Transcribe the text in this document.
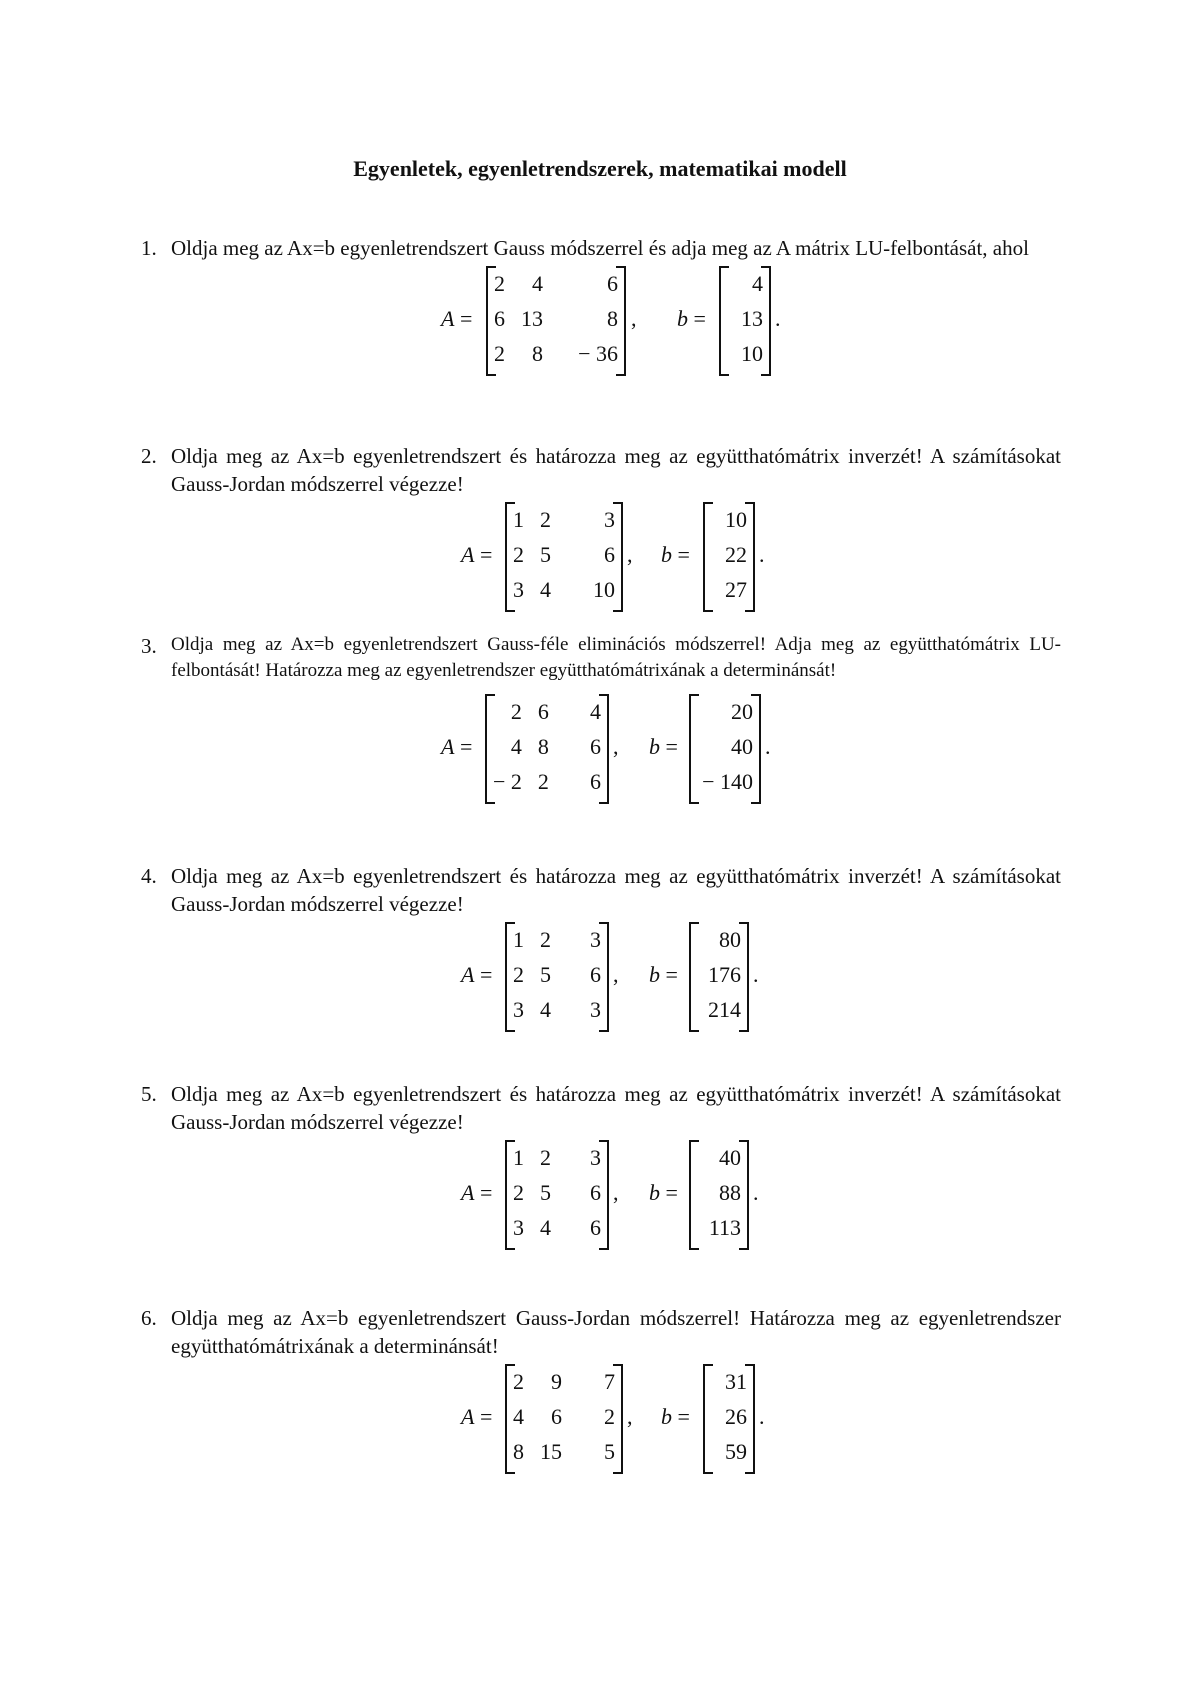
Egyenletek, egyenletrendszerek, matematikai modell
1. Oldja meg az Ax=b egyenletrendszert Gauss módszerrel és adja meg az A mátrix LU-felbontását, ahol

A =
2	4	6
6 13	8
2	8	− 36
, b =
4
13
10
.
2. Oldja meg az Ax=b egyenletrendszert és határozza meg az együtthatómátrix inverzét! A számításokat Gauss-Jordan módszerrel végezze!

A =
1 2	3
2 5	6
3 4	10
, b =
10
22
27
.
3. Oldja meg az Ax=b egyenletrendszert Gauss-féle eliminációs módszerrel! Adja meg az együtthatómátrix LU-felbontását! Határozza meg az egyenletrendszer együtthatómátrixának a determinánsát!

A =
2 6	4
4 8	6
− 2 2	6
, b =
20
40
− 140
.
4. Oldja meg az Ax=b egyenletrendszert és határozza meg az együtthatómátrix inverzét! A számításokat Gauss-Jordan módszerrel végezze!

A =
1 2	3
2 5	6
3 4	3
, b =
80
176
214
.
5. Oldja meg az Ax=b egyenletrendszert és határozza meg az együtthatómátrix inverzét! A számításokat Gauss-Jordan módszerrel végezze!

A =
1 2	3
2 5	6
3 4	6
, b =
40
88
113
.
6. Oldja meg az Ax=b egyenletrendszert Gauss-Jordan módszerrel! Határozza meg az egyenletrendszer együtthatómátrixának a determinánsát!

A =
2	9	7
4	6	2
8 15	5
, b =
31
26
59
.
